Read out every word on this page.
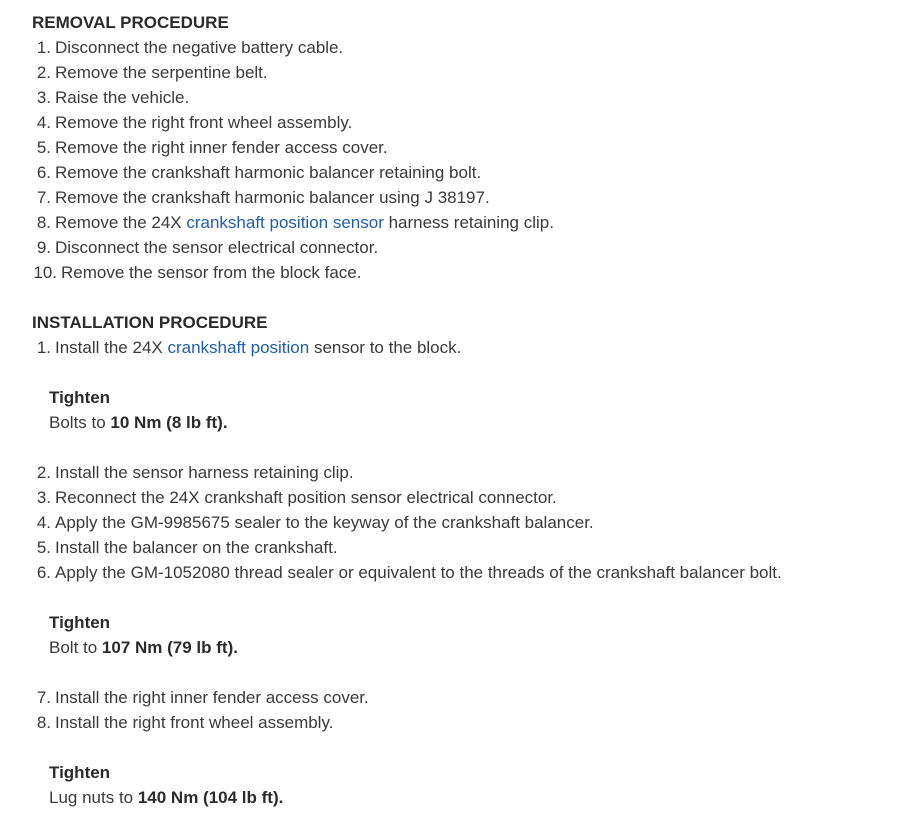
REMOVAL PROCEDURE
1. Disconnect the negative battery cable.
2. Remove the serpentine belt.
3. Raise the vehicle.
4. Remove the right front wheel assembly.
5. Remove the right inner fender access cover.
6. Remove the crankshaft harmonic balancer retaining bolt.
7. Remove the crankshaft harmonic balancer using J 38197.
8. Remove the 24X crankshaft position sensor harness retaining clip.
9. Disconnect the sensor electrical connector.
10. Remove the sensor from the block face.
INSTALLATION PROCEDURE
1. Install the 24X crankshaft position sensor to the block.
Tighten
Bolts to 10 Nm (8 lb ft).
2. Install the sensor harness retaining clip.
3. Reconnect the 24X crankshaft position sensor electrical connector.
4. Apply the GM-9985675 sealer to the keyway of the crankshaft balancer.
5. Install the balancer on the crankshaft.
6. Apply the GM-1052080 thread sealer or equivalent to the threads of the crankshaft balancer bolt.
Tighten
Bolt to 107 Nm (79 lb ft).
7. Install the right inner fender access cover.
8. Install the right front wheel assembly.
Tighten
Lug nuts to 140 Nm (104 lb ft).
